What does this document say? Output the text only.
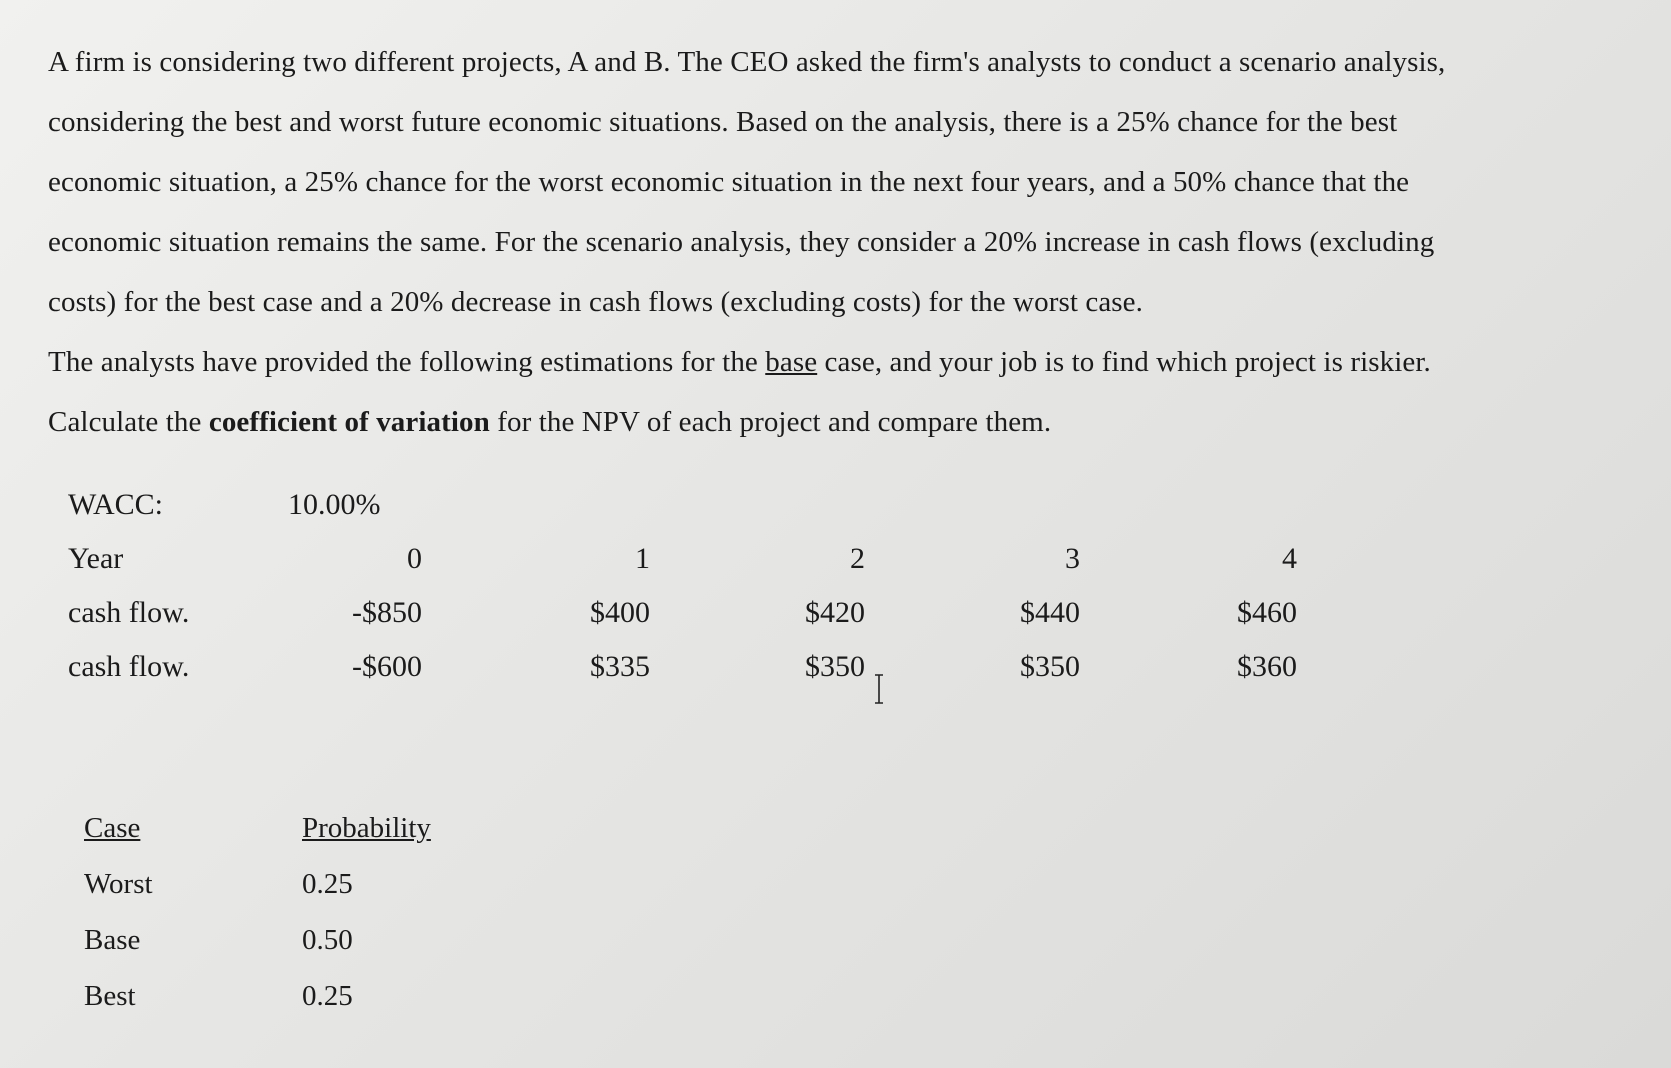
A firm is considering two different projects, A and B. The CEO asked the firm's analysts to conduct a scenario analysis,

considering the best and worst future economic situations. Based on the analysis, there is a 25% chance for the best

economic situation, a 25% chance for the worst economic situation in the next four years, and a 50% chance that the

economic situation remains the same. For the scenario analysis, they consider a 20% increase in cash flows (excluding

costs) for the best case and a 20% decrease in cash flows (excluding costs) for the worst case.

The analysts have provided the following estimations for the base case, and your job is to find which project is riskier.

Calculate the coefficient of variation for the NPV of each project and compare them.

WACC:	10.00%
Year	0	1	2	3	4
cash flow.	-$850	$400	$420	$440	$460
cash flow.	-$600	$335	$350	$350	$360
Case	Probability
Worst	0.25
Base	0.50
Best	0.25
